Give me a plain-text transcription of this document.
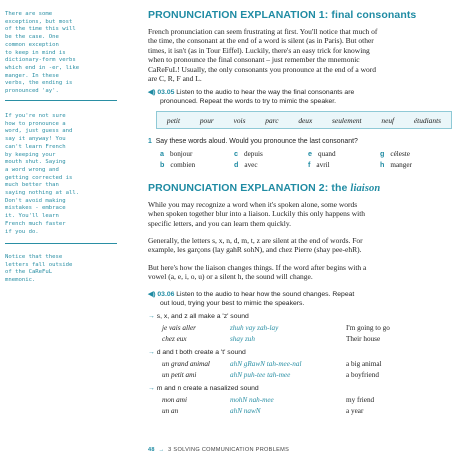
There are some
exceptions, but most
of the time this will
be the case. One
common exception
to keep in mind is
dictionary-form verbs
which end in -er, like
manger. In these
verbs, the ending is
pronounced 'ay'.
If you're not sure
how to pronounce a
word, just guess and
say it anyway! You
can't learn French
by keeping your
mouth shut. Saying
a word wrong and
getting corrected is
much better than
saying nothing at all.
Don't avoid making
mistakes - embrace
it. You'll learn
French much faster
if you do.
Notice that these
letters fall outside
of the CaReFuL
mnemonic.
PRONUNCIATION EXPLANATION 1: final consonants
French pronunciation can seem frustrating at first. You'll notice that much of
the time, the consonant at the end of a word is silent (as in Paris). But other
times, it isn't (as in Tour Eiffel). Luckily, there's an easy trick for knowing
when to pronounce the final consonant – just remember the mnemonic
CaReFuL! Usually, the only consonants you pronounce at the end of a word
are C, R, F and L.
◀) 03.05 Listen to the audio to hear the way the final consonants are
pronounced. Repeat the words to try to mimic the speaker.
petit	pour	vois	parc	deux	seulement	neuf	étudiants
1 Say these words aloud. Would you pronounce the last consonant?
a bonjour	c depuis	e quand	g céleste
b combien	d avec	f avril	h manger
PRONUNCIATION EXPLANATION 2: the liaison
While you may recognize a word when it's spoken alone, some words
when spoken together blur into a liaison. Luckily this only happens with
specific letters, and you can learn them quickly.
Generally, the letters s, x, n, d, m, t, z are silent at the end of words. For
example, les garçons (lay gahR sohN), and chez Pierre (shay pee-ehR).
But here's how the liaison changes things. If the word after begins with a
vowel (a, e, i, o, u) or a silent h, the sound will change.
◀) 03.06 Listen to the audio to hear how the sound changes. Repeat
out loud, trying your best to mimic the speakers.
→ s, x, and z all make a 'z' sound
je vais aller	zhuh vay zah-lay	I'm going to go
chez eux	shay zuh	Their house
→ d and t both create a 't' sound
un grand animal	ahN gRawN tah-mee-nal	a big animal
un petit ami	ahN puh-tee tah-mee	a boyfriend
→ m and n create a nasalized sound
mon ami	mohN nah-mee	my friend
un an	ahN nawN	a year
48 → 3 SOLVING COMMUNICATION PROBLEMS
